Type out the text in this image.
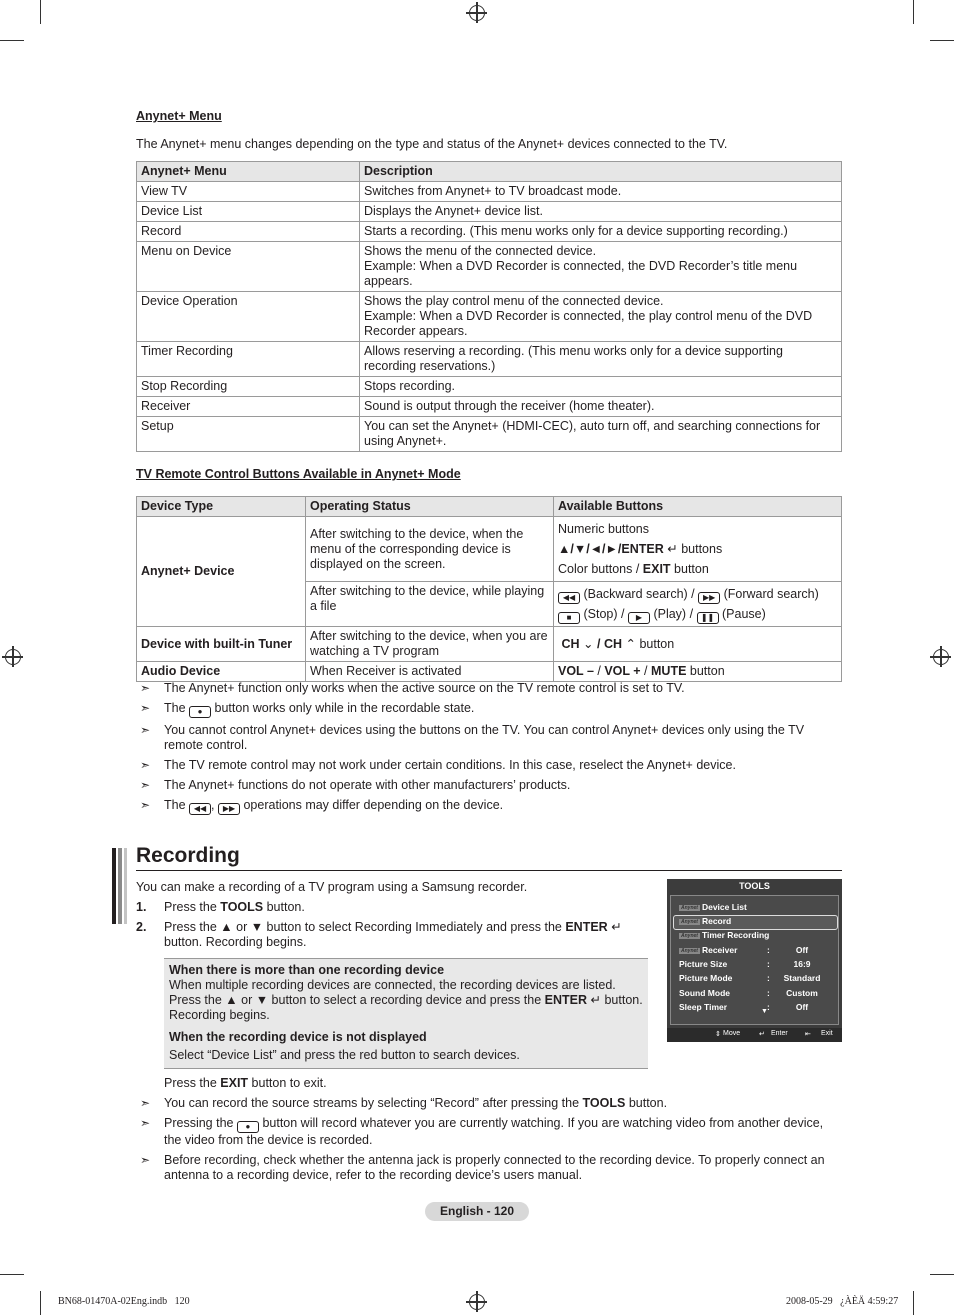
Anynet+ Menu
The Anynet+ menu changes depending on the type and status of the Anynet+ devices connected to the TV.
Anynet+ Menu	Description
View TV	Switches from Anynet+ to TV broadcast mode.
Device List	Displays the Anynet+ device list.
Record	Starts a recording. (This menu works only for a device supporting recording.)
Menu on Device	Shows the menu of the connected device.
Example: When a DVD Recorder is connected, the DVD Recorder’s title menu appears.
Device Operation	Shows the play control menu of the connected device.
Example: When a DVD Recorder is connected, the play control menu of the DVD Recorder appears.
Timer Recording	Allows reserving a recording. (This menu works only for a device supporting recording reservations.)
Stop Recording	Stops recording.
Receiver	Sound is output through the receiver (home theater).
Setup	You can set the Anynet+ (HDMI-CEC), auto turn off, and searching connections for using Anynet+.
TV Remote Control Buttons Available in Anynet+ Mode
Device Type	Operating Status	Available Buttons
Anynet+ Device	After switching to the device, when the menu of the corresponding device is displayed on the screen.	Numeric buttons
▲/▼/◄/►/ENTER ↵ buttons
Color buttons / EXIT button

	After switching to the device, while playing a file	◀◀ (Backward search) / ▶▶ (Forward search)
■ (Stop) / ▶ (Play) / ❚❚ (Pause)

Device with built-in Tuner	After switching to the device, when you are watching a TV program	CH ⌄ / CH ⌃ button
Audio Device	When Receiver is activated	VOL – / VOL + / MUTE button
➣ The Anynet+ function only works when the active source on the TV remote control is set to TV.
➣ The ● button works only while in the recordable state.
➣ You cannot control Anynet+ devices using the buttons on the TV. You can control Anynet+ devices only using the TV remote control.
➣ The TV remote control may not work under certain conditions. In this case, reselect the Anynet+ device.
➣ The Anynet+ functions do not operate with other manufacturers’ products.
➣ The ◀◀ , ▶▶ operations may differ depending on the device.
Recording
You can make a recording of a TV program using a Samsung recorder.
1. Press the TOOLS button.
2. Press the ▲ or ▼ button to select Recording Immediately and press the ENTER ↵ button. Recording begins.
When there is more than one recording device
When multiple recording devices are connected, the recording devices are listed. Press the ▲ or ▼ button to select a recording device and press the ENTER ↵ button. Recording begins.
When the recording device is not displayed
Select “Device List” and press the red button to search devices.
Press the EXIT button to exit.
➣ You can record the source streams by selecting “Record” after pressing the TOOLS button.
➣ Pressing the ● button will record whatever you are currently watching. If you are watching video from another device, the video from the device is recorded.
➣ Before recording, check whether the antenna jack is properly connected to the recording device. To properly connect an antenna to a recording device, refer to the recording device’s users manual.
TOOLS
Anynet Device List
Anynet Record
Anynet Timer Recording
Anynet Receiver	:	Off
Picture Size	:	16:9
Picture Mode	:	Standard
Sound Mode	:	Custom
Sleep Timer	:	Off
▼
⇕ Move	↵ Enter ⇤ Exit
English - 120
BN68-01470A-02Eng.indb   120	2008-05-29   ¿ÀÈÄ 4:59:27
